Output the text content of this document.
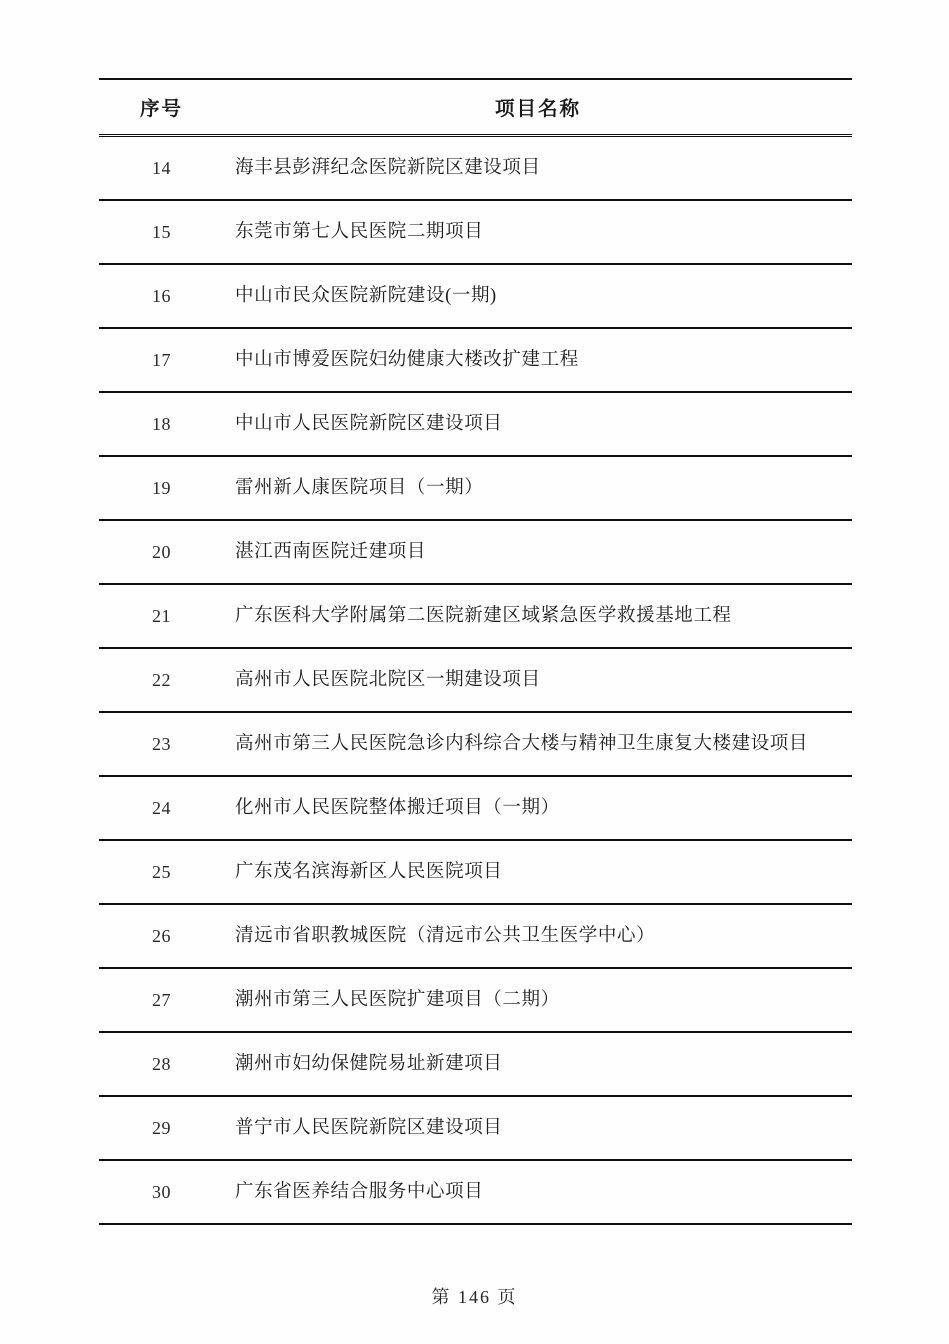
序号	项目名称

14	海丰县彭湃纪念医院新院区建设项目

15	东莞市第七人民医院二期项目

16	中山市民众医院新院建设(一期)

17	中山市博爱医院妇幼健康大楼改扩建工程

18	中山市人民医院新院区建设项目

19	雷州新人康医院项目（一期）

20	湛江西南医院迁建项目

21	广东医科大学附属第二医院新建区域紧急医学救援基地工程

22	高州市人民医院北院区一期建设项目

23	高州市第三人民医院急诊内科综合大楼与精神卫生康复大楼建设项目

24	化州市人民医院整体搬迁项目（一期）

25	广东茂名滨海新区人民医院项目

26	清远市省职教城医院（清远市公共卫生医学中心）

27	潮州市第三人民医院扩建项目（二期）

28	潮州市妇幼保健院易址新建项目

29	普宁市人民医院新院区建设项目

30	广东省医养结合服务中心项目
第 146 页
